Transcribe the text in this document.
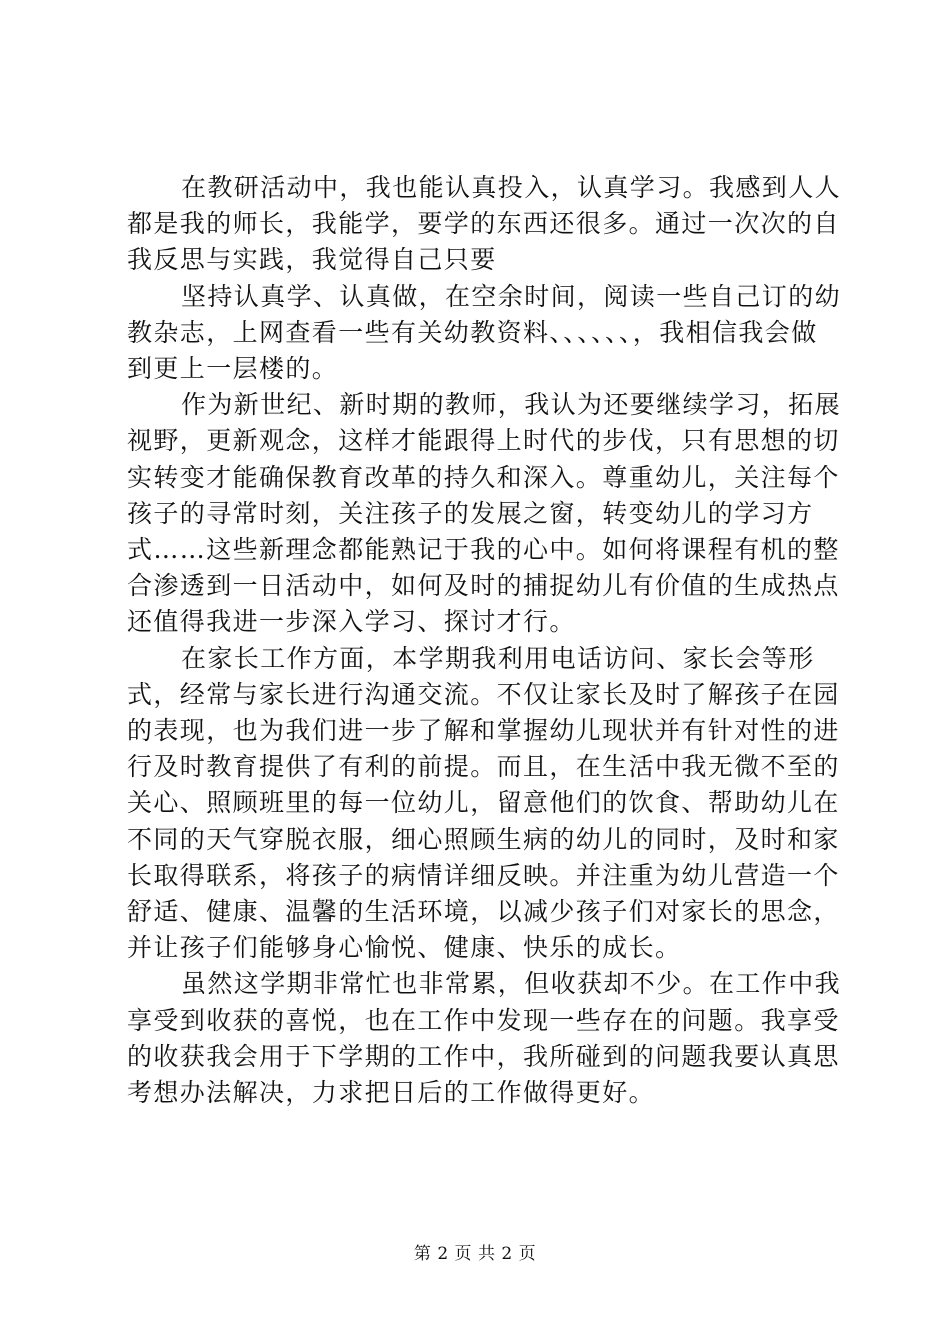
在教研活动中，我也能认真投入，认真学习。我感到人人都是我的师长，我能学，要学的东西还很多。通过一次次的自我反思与实践，我觉得自己只要

坚持认真学、认真做，在空余时间，阅读一些自己订的幼教杂志，上网查看一些有关幼教资料、、、、、、，我相信我会做到更上一层楼的。

作为新世纪、新时期的教师，我认为还要继续学习，拓展视野，更新观念，这样才能跟得上时代的步伐，只有思想的切实转变才能确保教育改革的持久和深入。尊重幼儿，关注每个孩子的寻常时刻，关注孩子的发展之窗，转变幼儿的学习方式……这些新理念都能熟记于我的心中。如何将课程有机的整合渗透到一日活动中，如何及时的捕捉幼儿有价值的生成热点还值得我进一步深入学习、探讨才行。

在家长工作方面，本学期我利用电话访问、家长会等形式，经常与家长进行沟通交流。不仅让家长及时了解孩子在园的表现，也为我们进一步了解和掌握幼儿现状并有针对性的进行及时教育提供了有利的前提。而且，在生活中我无微不至的关心、照顾班里的每一位幼儿，留意他们的饮食、帮助幼儿在不同的天气穿脱衣服，细心照顾生病的幼儿的同时，及时和家长取得联系，将孩子的病情详细反映。并注重为幼儿营造一个舒适、健康、温馨的生活环境，以减少孩子们对家长的思念，并让孩子们能够身心愉悦、健康、快乐的成长。

虽然这学期非常忙也非常累，但收获却不少。在工作中我享受到收获的喜悦，也在工作中发现一些存在的问题。我享受的收获我会用于下学期的工作中，我所碰到的问题我要认真思考想办法解决，力求把日后的工作做得更好。

第 2 页 共 2 页
